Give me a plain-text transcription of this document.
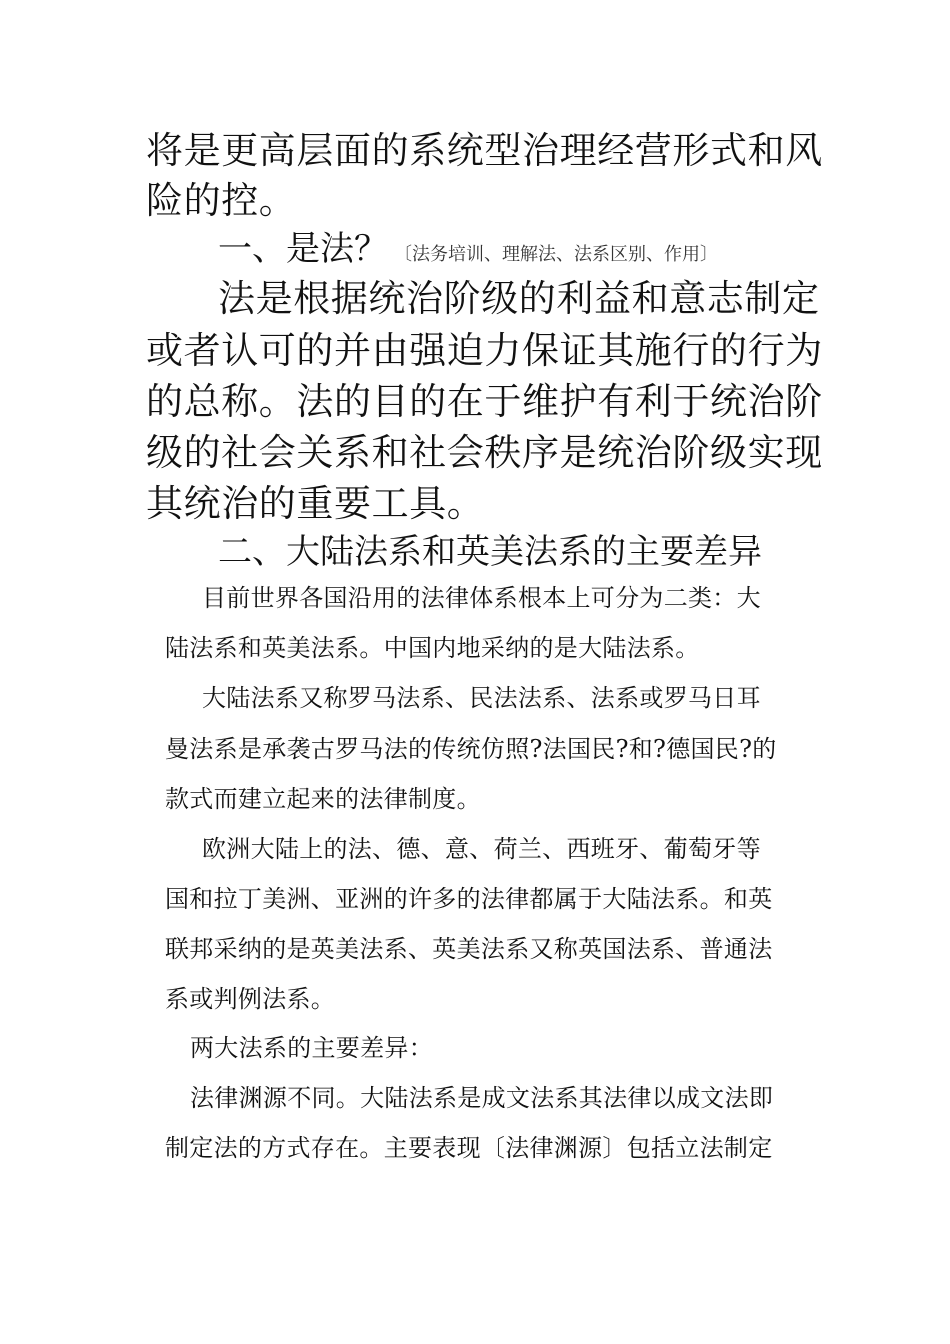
将是更高层面的系统型治理经营形式和风
险的控。
一、是法？ 〔法务培训、理解法、法系区别、作用〕
法是根据统治阶级的利益和意志制定
或者认可的并由强迫力保证其施行的行为
的总称。法的目的在于维护有利于统治阶
级的社会关系和社会秩序是统治阶级实现
其统治的重要工具。
二、大陆法系和英美法系的主要差异
目前世界各国沿用的法律体系根本上可分为二类：大
陆法系和英美法系。中国内地采纳的是大陆法系。
大陆法系又称罗马法系、民法法系、法系或罗马日耳
曼法系是承袭古罗马法的传统仿照?法国民?和?德国民?的
款式而建立起来的法律制度。
欧洲大陆上的法、德、意、荷兰、西班牙、葡萄牙等
国和拉丁美洲、亚洲的许多的法律都属于大陆法系。和英
联邦采纳的是英美法系、英美法系又称英国法系、普通法
系或判例法系。
两大法系的主要差异：
法律渊源不同。大陆法系是成文法系其法律以成文法即
制定法的方式存在。主要表现〔法律渊源〕包括立法制定
